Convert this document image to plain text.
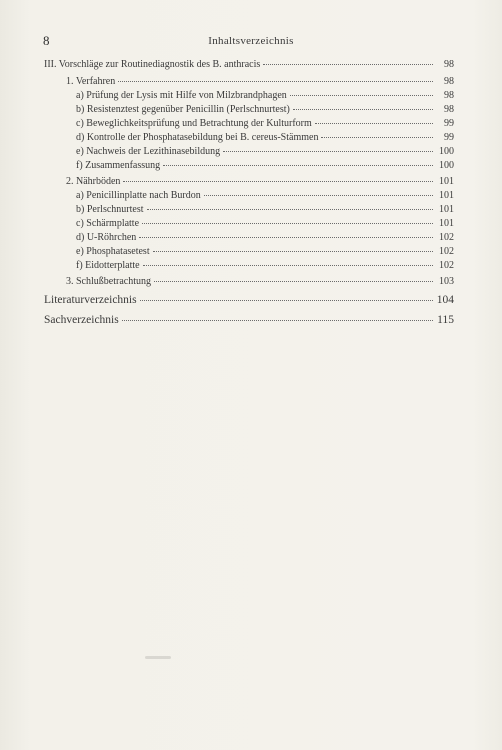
8	Inhaltsverzeichnis
III. Vorschläge zur Routinediagnostik des B. anthracis	98
1. Verfahren	98
a) Prüfung der Lysis mit Hilfe von Milzbrandphagen	98
b) Resistenztest gegenüber Penicillin (Perlschnurtest)	98
c) Beweglichkeitsprüfung und Betrachtung der Kulturform	99
d) Kontrolle der Phosphatasebildung bei B. cereus-Stämmen	99
e) Nachweis der Lezithinasebildung	100
f) Zusammenfassung	100
2. Nährböden	101
a) Penicillinplatte nach Burdon	101
b) Perlschnurtest	101
c) Schärmplatte	101
d) U-Röhrchen	102
e) Phosphatasetest	102
f) Eidotterplatte	102
3. Schlußbetrachtung	103
Literaturverzeichnis	104
Sachverzeichnis	115
